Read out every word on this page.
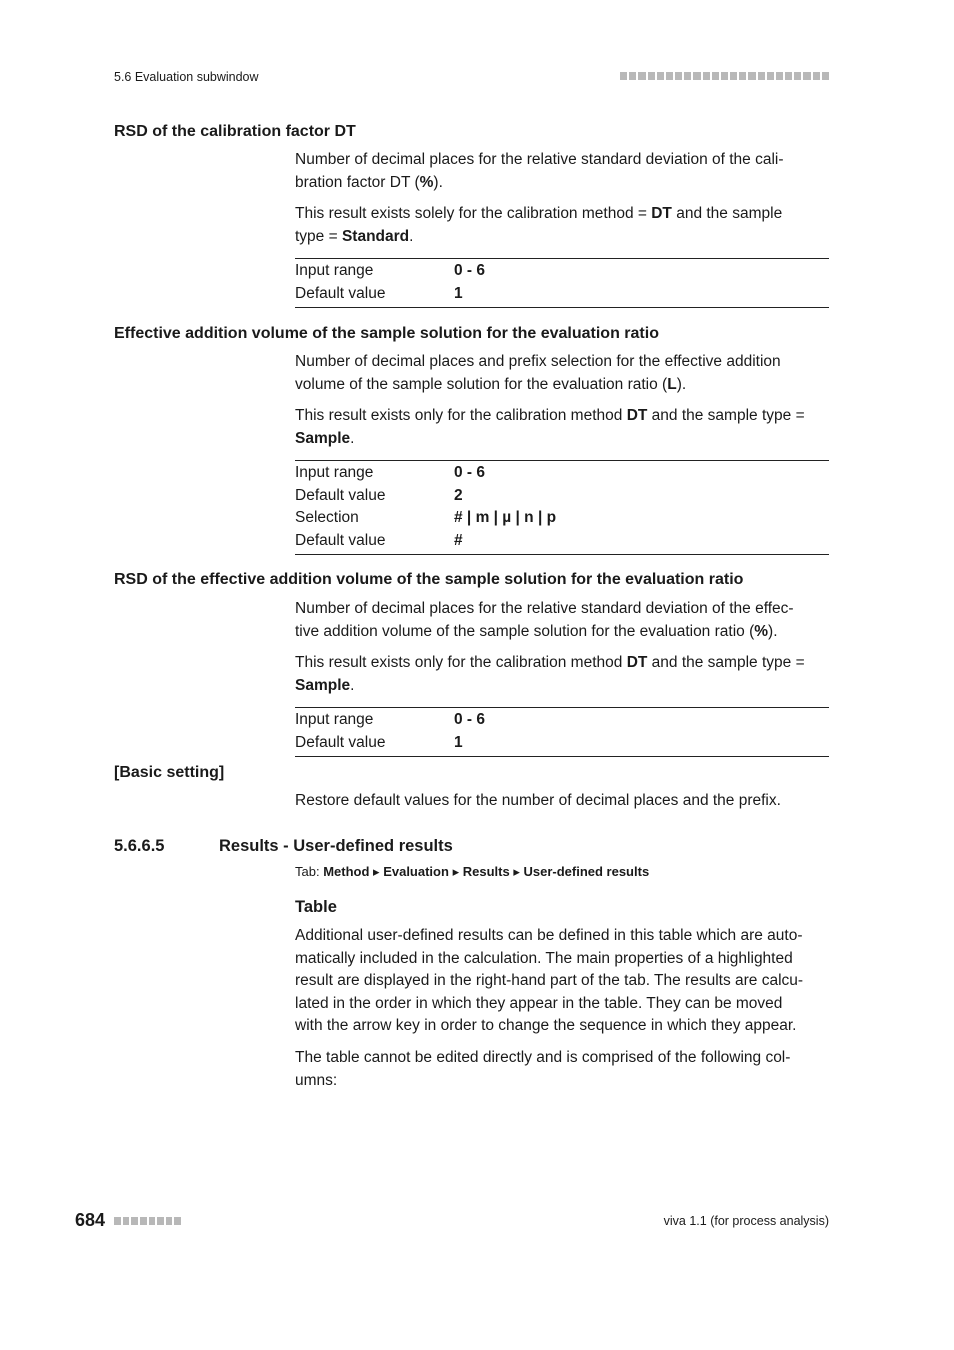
5.6 Evaluation subwindow
RSD of the calibration factor DT

Number of decimal places for the relative standard deviation of the cali-
bration factor DT (%).

This result exists solely for the calibration method = DT and the sample
type = Standard.

Input range	0 - 6
Default value	1
Effective addition volume of the sample solution for the evaluation ratio

Number of decimal places and prefix selection for the effective addition
volume of the sample solution for the evaluation ratio (L).

This result exists only for the calibration method DT and the sample type =
Sample.

Input range	0 - 6
Default value	2
Selection	# | m | µ | n | p
Default value	#
RSD of the effective addition volume of the sample solution for the evaluation ratio

Number of decimal places for the relative standard deviation of the effec-
tive addition volume of the sample solution for the evaluation ratio (%).

This result exists only for the calibration method DT and the sample type =
Sample.

Input range	0 - 6
Default value	1
[Basic setting]

Restore default values for the number of decimal places and the prefix.

5.6.6.5	Results - User-defined results
Tab: Method ▸ Evaluation ▸ Results ▸ User-defined results
Table

Additional user-defined results can be defined in this table which are auto-
matically included in the calculation. The main properties of a highlighted
result are displayed in the right-hand part of the tab. The results are calcu-
lated in the order in which they appear in the table. They can be moved
with the arrow key in order to change the sequence in which they appear.

The table cannot be edited directly and is comprised of the following col-
umns:

684	viva 1.1 (for process analysis)
